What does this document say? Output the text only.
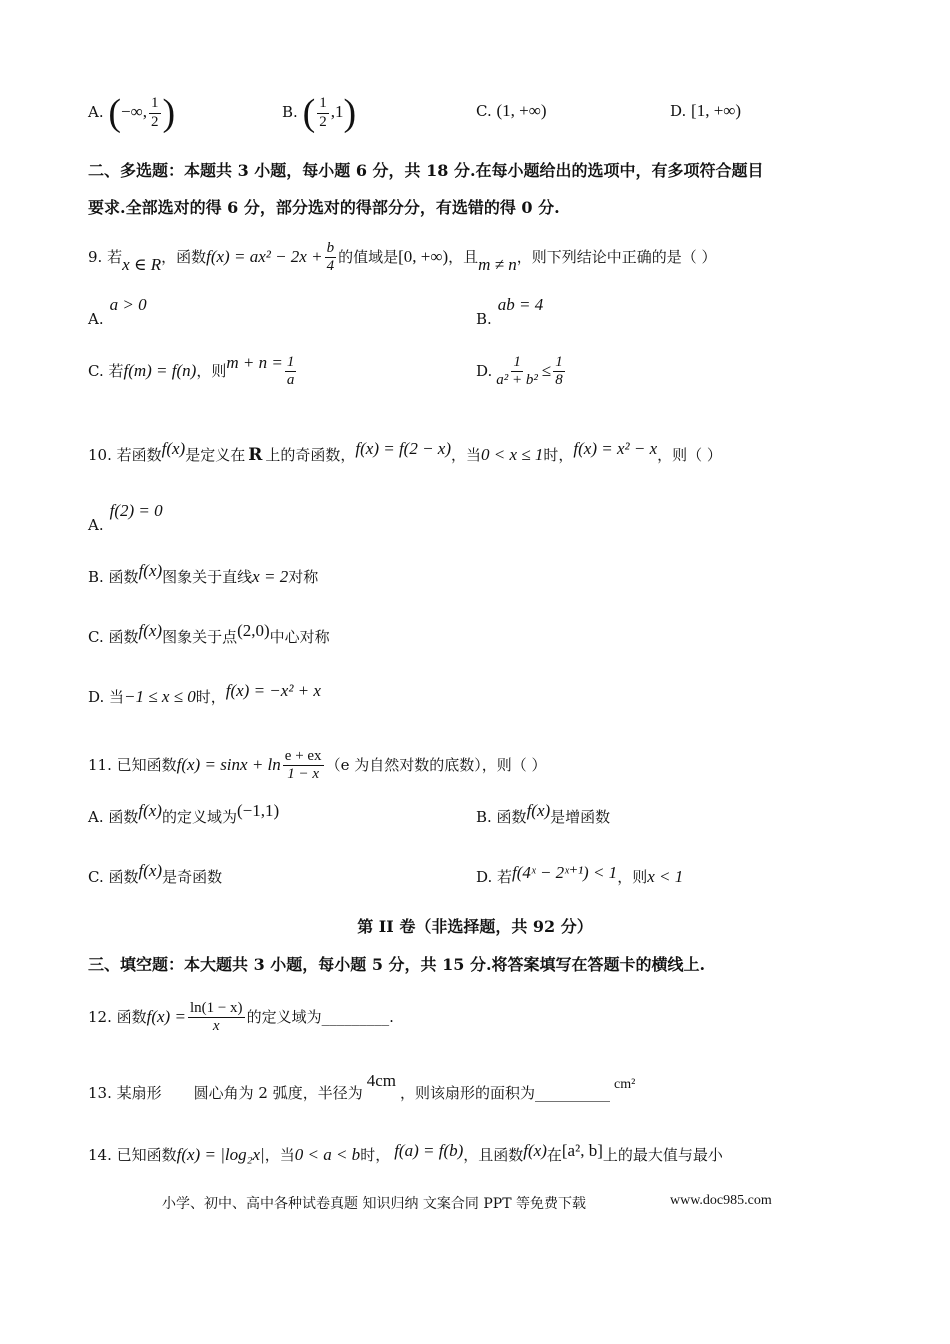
A. (−∞, $\frac{1}{2}$ )	B. ( $\frac{1}{2} ,1$)	C. (1, +∞)	D. [1, +∞)
二、多选题：本题共 3 小题，每小题 6 分，共 18 分.在每小题给出的选项中，有多项符合题目
要求.全部选对的得 6 分，部分选对的得部分分，有选错的得 0 分.
9. 若x ∈ R，函数$f(x) = ax^2 - 2x + \frac{b}{4}$ 的值域是[0, +∞)，且m ≠ n，则下列结论中正确的是（ ）
A.a > 0
B.ab = 4
C. 若f(m) = f(n)，则$m + n = \frac{1}{a}$	D. $\frac{1}{\text{a² + b²}} \le \frac{1}{8}$
10. 若函数f(x)是定义在 R 上的奇函数，f(x) = f(2 − x)，当0 < x ≤ 1时，f(x) = x² − x，则（ ）
A.f(2) = 0
B. 函数f(x)图象关于直线x = 2对称
C. 函数f(x)图象关于点(2,0)中心对称
D. 当−1 ≤ x ≤ 0时，f(x) = −x² + x
11. 已知函数$f(x) = \sin x + \ln \frac{e + ex}{1 - x} (e$ 为自然对数的底数），则（ ）
A. 函数f(x)的定义域为(−1,1)	B. 函数f(x)是增函数
C. 函数f(x)是奇函数	D. 若f(4ˣ − 2ˣ⁺¹) < 1，则x < 1
第 II 卷（非选择题，共 92 分）
三、填空题：本大题共 3 小题，每小题 5 分，共 15 分.将答案填写在答题卡的横线上.
12. 函数$f(x) = \frac{\ln(1 - x)}{x}$ 的定义域为_________.
13. 某扇形 圆心角为 2 弧度，半径为4cm，则该扇形的面积为__________ cm²
14. 已知函数f(x) = |log₂x|，当0 < a < b时， f(a) = f(b)，且函数f(x)在[a², b]上的最大值与最小
小学、初中、高中各种试卷真题 知识归纳 文案合同 PPT 等免费下载	www.doc985.com
